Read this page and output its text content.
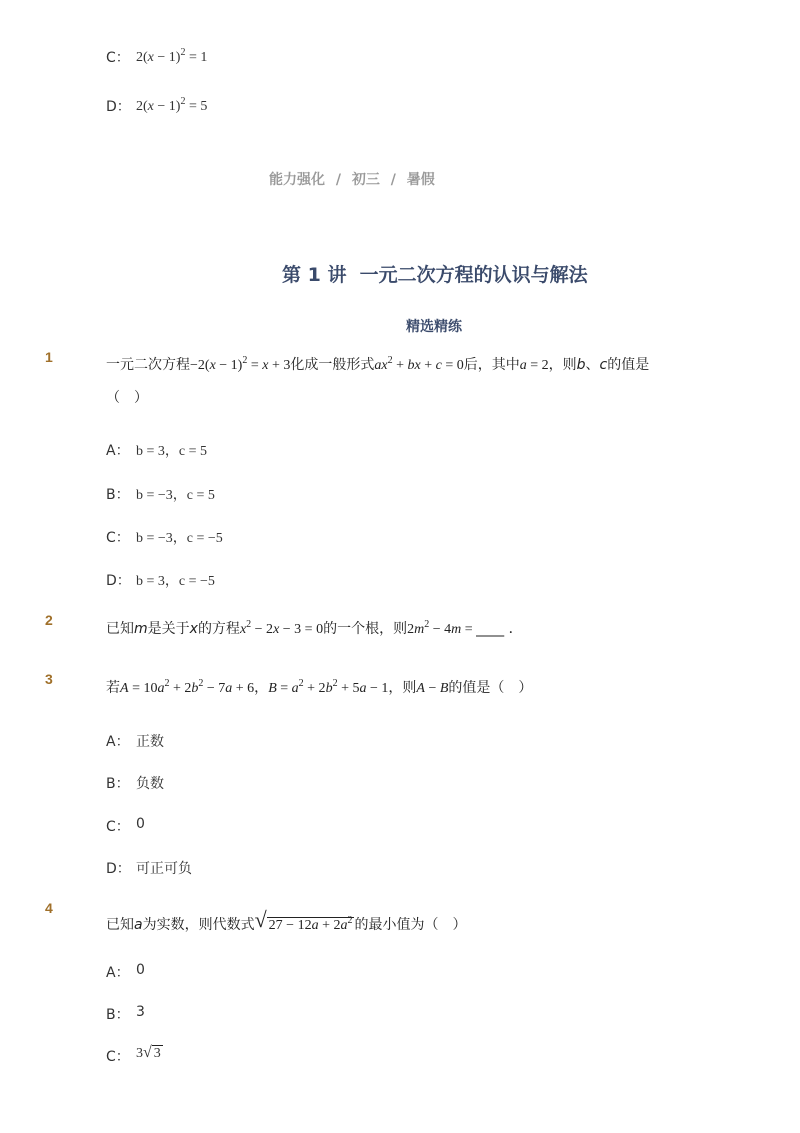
C： $2(x - 1)^2 = 1$
D： $2(x - 1)^2 = 5$
能力强化 / 初三 / 暑假
第 1 讲  一元二次方程的认识与解法
精选精练
1	一元二次方程$-2(x - 1)^2 = x + 3$化成一般形式$ax^2$ + bx + c = 0后，其中a = 2，则b、c的值是
（　）
A： b = 3，c = 5
B： b = −3，c = 5
C： b = −3，c = −5
D： b = 3，c = −5
2
已知m是关于x的方程$x^2 - 2x - 3 = 0$的一个根，则$2m^2 - 4m$ = ____ ．
3
若$A = 10a^2 + 2b^2 - 7a + 6$，$B = a^2 + 2b^2 + 5a - 1$，则A − B的值是（　）
A： 正数
B： 负数
C： 0
D： 可正可负
4
已知a为实数，则代数式√ $27 - 12a + 2a^2$ 的最小值为（　）
A： 0
B： 3
C： 3√ 3
